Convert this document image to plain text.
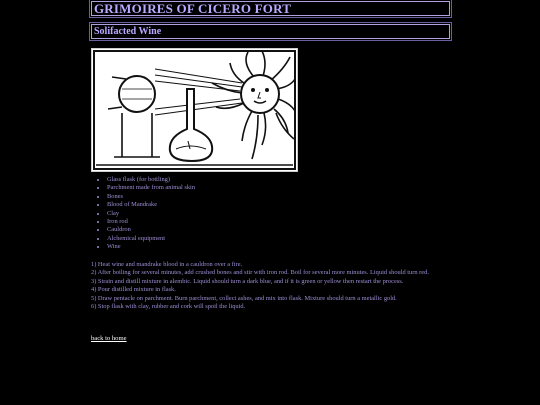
GRIMOIRES OF CICERO FORT
Solifacted Wine
• Glass flask (for bottling)
• Parchment made from animal skin
• Bones
• Blood of Mandrake
• Clay
• Iron rod
• Cauldron
• Alchemical equipment
• Wine
1) Heat wine and mandrake blood in a cauldron over a fire.
2) After boiling for several minutes, add crushed bones and stir with iron rod. Boil for several more minutes. Liquid should turn red.
3) Strain and distill mixture in alembic. Liquid should turn a dark blue, and if it is green or yellow then restart the process.
4) Pour distilled mixture in flask.
5) Draw pentacle on parchment. Burn parchment, collect ashes, and mix into flask. Mixture should turn a metallic gold.
6) Stop flask with clay, rubber and cork will spoil the liquid.
back to home
